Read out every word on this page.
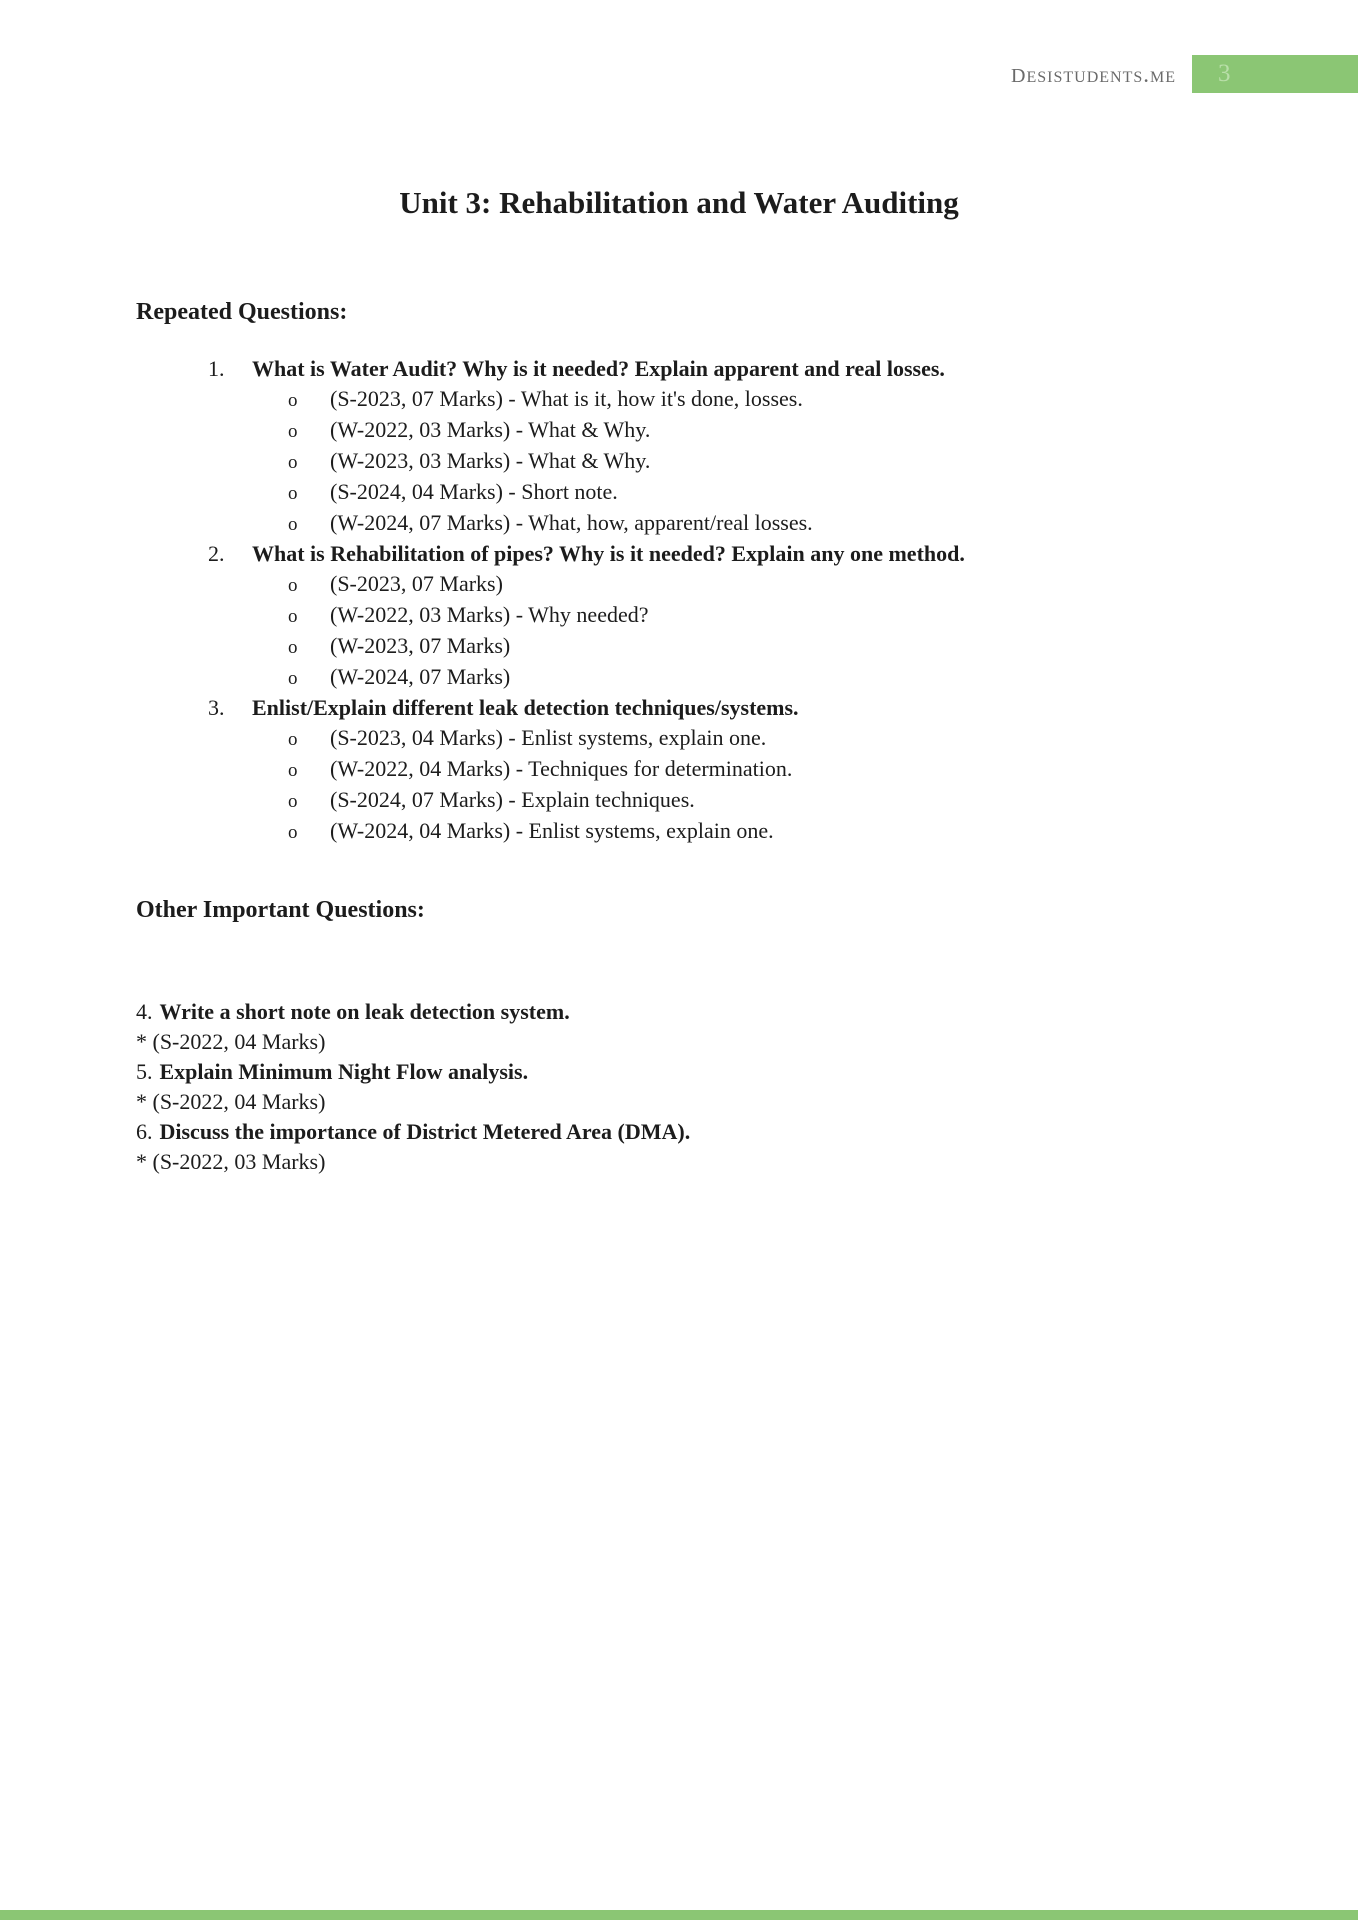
desistudents.me	3
Unit 3: Rehabilitation and Water Auditing
Repeated Questions:
1. What is Water Audit? Why is it needed? Explain apparent and real losses.
o (S-2023, 07 Marks) - What is it, how it's done, losses.
o (W-2022, 03 Marks) - What & Why.
o (W-2023, 03 Marks) - What & Why.
o (S-2024, 04 Marks) - Short note.
o (W-2024, 07 Marks) - What, how, apparent/real losses.
2. What is Rehabilitation of pipes? Why is it needed? Explain any one method.
o (S-2023, 07 Marks)
o (W-2022, 03 Marks) - Why needed?
o (W-2023, 07 Marks)
o (W-2024, 07 Marks)
3. Enlist/Explain different leak detection techniques/systems.
o (S-2023, 04 Marks) - Enlist systems, explain one.
o (W-2022, 04 Marks) - Techniques for determination.
o (S-2024, 07 Marks) - Explain techniques.
o (W-2024, 04 Marks) - Enlist systems, explain one.
Other Important Questions:
4. Write a short note on leak detection system.
* (S-2022, 04 Marks)
5. Explain Minimum Night Flow analysis.
* (S-2022, 04 Marks)
6. Discuss the importance of District Metered Area (DMA).
* (S-2022, 03 Marks)
